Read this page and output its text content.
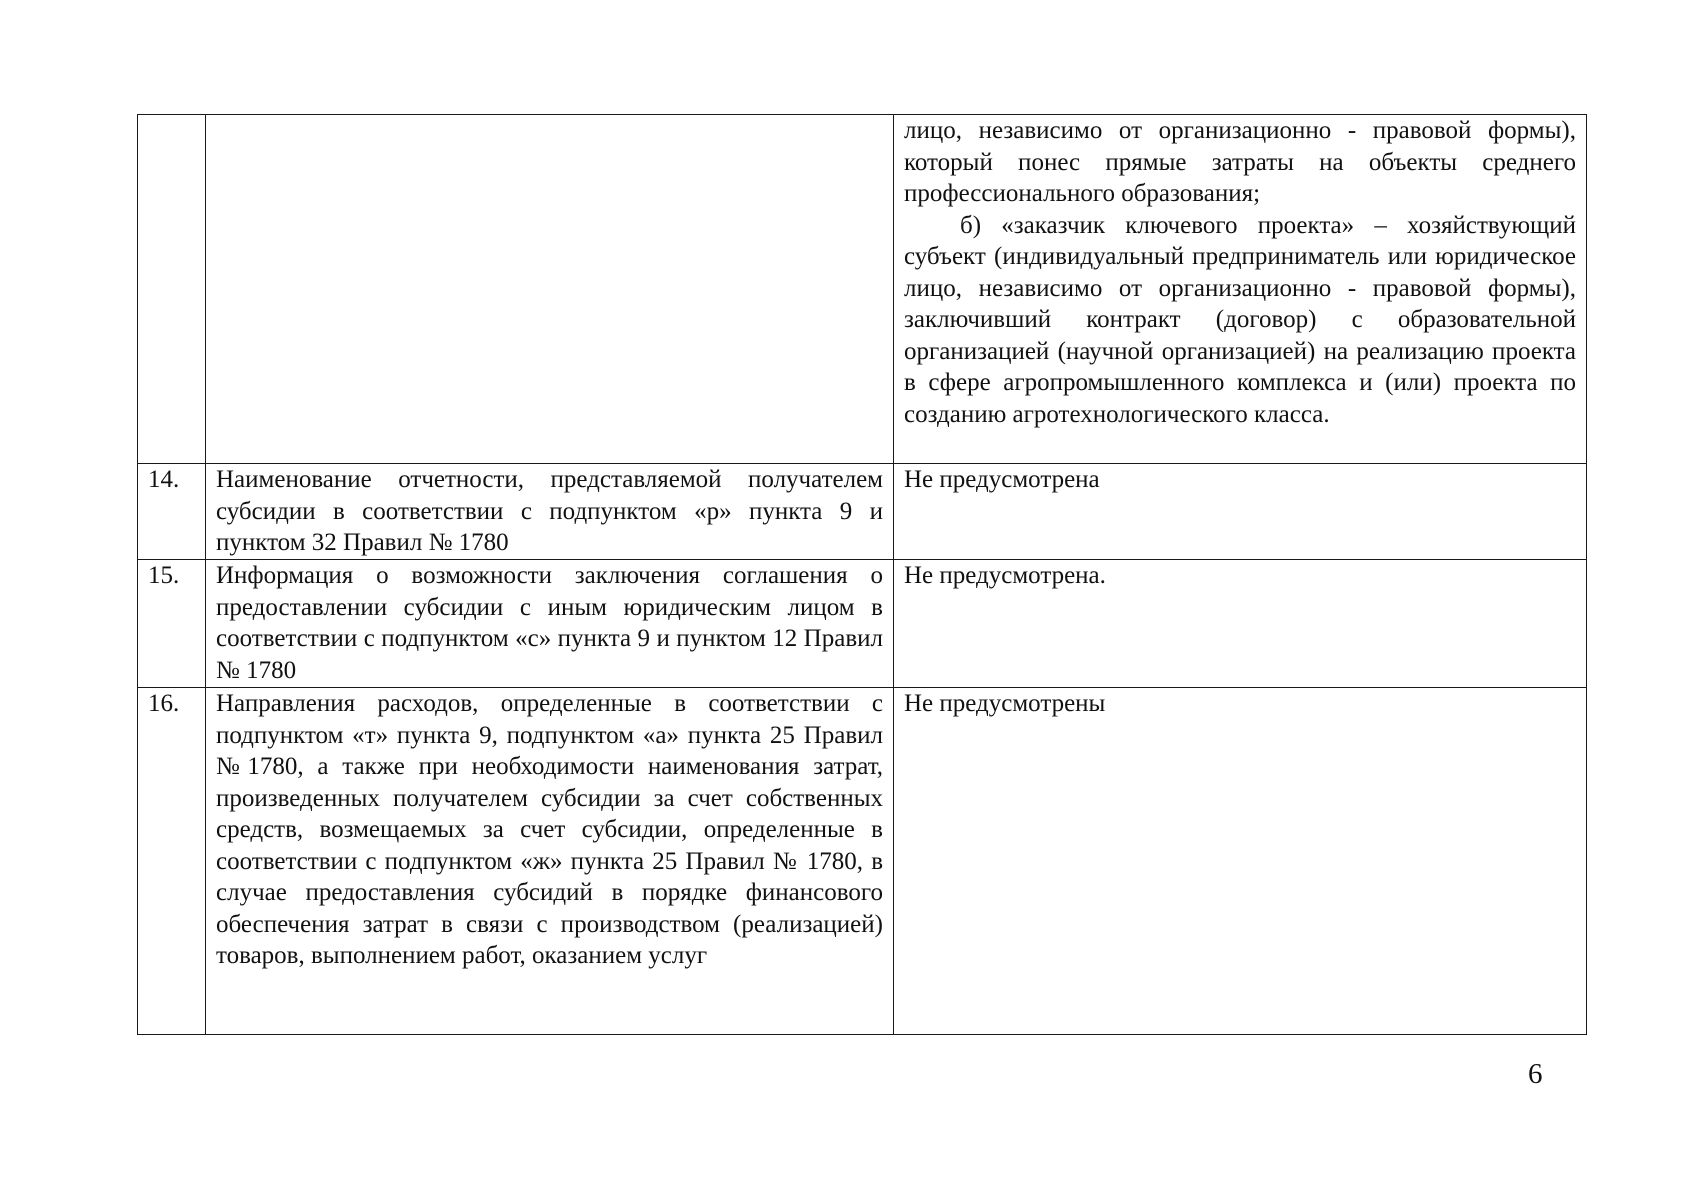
		лицо, независимо от организационно - правовой формы), который понес прямые затраты на объекты среднего профессионального образования;
б) «заказчик ключевого проекта» – хозяйствующий субъект (индивидуальный предприниматель или юридическое лицо, независимо от организационно - правовой формы), заключивший контракт (договор) с образовательной организацией (научной организацией) на реализацию проекта в сфере агропромышленного комплекса и (или) проекта по созданию агротехнологического класса.

14.	Наименование отчетности, представляемой получателем субсидии в соответствии с подпунктом «р» пункта 9 и пунктом 32 Правил № 1780	Не предусмотрена
15.	Информация о возможности заключения соглашения о предоставлении субсидии с иным юридическим лицом в соответствии с подпунктом «с» пункта 9 и пунктом 12 Правил № 1780	Не предусмотрена.
16.	Направления расходов, определенные в соответствии с подпунктом «т» пункта 9, подпунктом «а» пункта 25 Правил №1780, а также при необходимости наименования затрат, произведенных получателем субсидии за счет собственных средств, возмещаемых за счет субсидии, определенные в соответствии с подпунктом «ж» пункта 25 Правил № 1780, в случае предоставления субсидий в порядке финансового обеспечения затрат в связи с производством (реализацией) товаров, выполнением работ, оказанием услуг	Не предусмотрены
6
